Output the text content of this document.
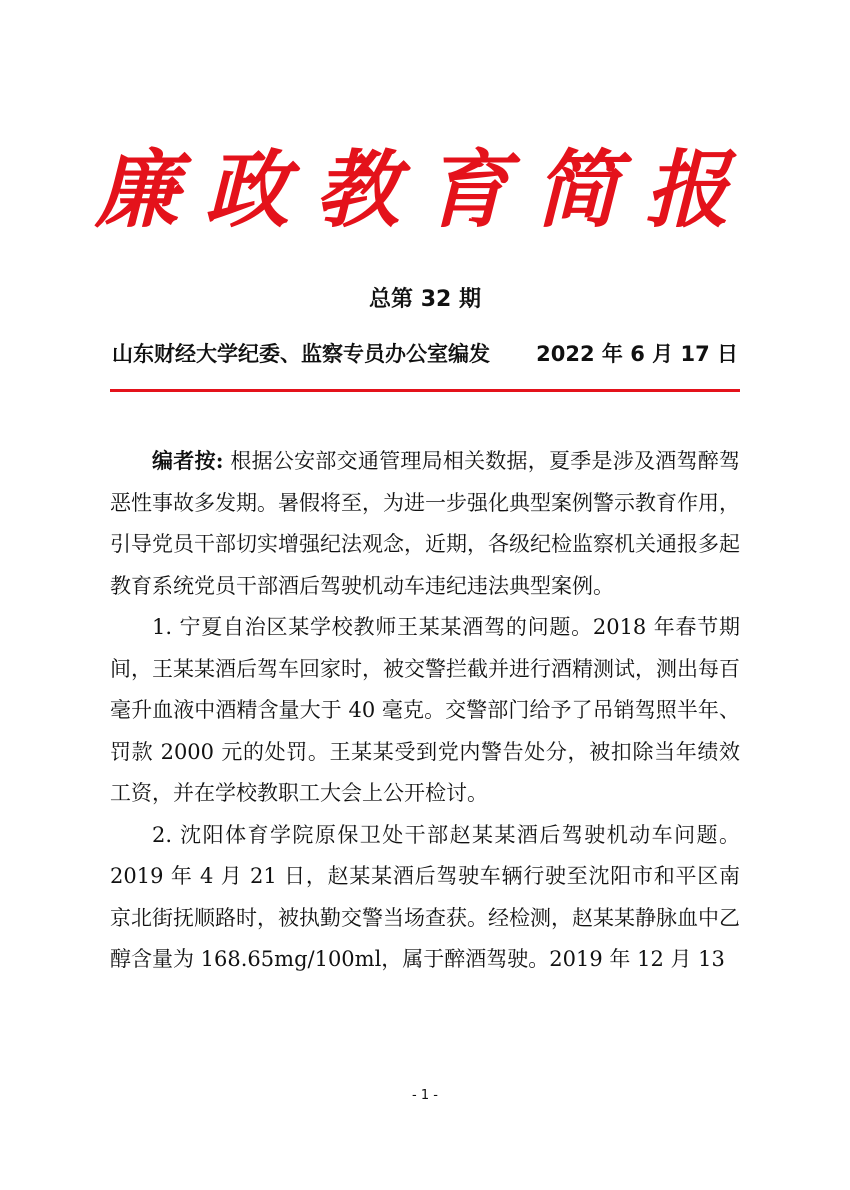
廉政教育简报
总第 32 期
山东财经大学纪委、监察专员办公室编发 2022 年 6 月 17 日

编者按: 根据公安部交通管理局相关数据，夏季是涉及酒驾醉驾恶性事故多发期。暑假将至，为进一步强化典型案例警示教育作用，引导党员干部切实增强纪法观念，近期，各级纪检监察机关通报多起教育系统党员干部酒后驾驶机动车违纪违法典型案例。

1. 宁夏自治区某学校教师王某某酒驾的问题。2018 年春节期间，王某某酒后驾车回家时，被交警拦截并进行酒精测试，测出每百毫升血液中酒精含量大于 40 毫克。交警部门给予了吊销驾照半年、罚款 2000 元的处罚。王某某受到党内警告处分，被扣除当年绩效工资，并在学校教职工大会上公开检讨。

2. 沈阳体育学院原保卫处干部赵某某酒后驾驶机动车问题。2019 年 4 月 21 日，赵某某酒后驾驶车辆行驶至沈阳市和平区南京北街抚顺路时，被执勤交警当场查获。经检测，赵某某静脉血中乙醇含量为 168.65mg/100ml，属于醉酒驾驶。2019 年 12 月 13

- 1 -
